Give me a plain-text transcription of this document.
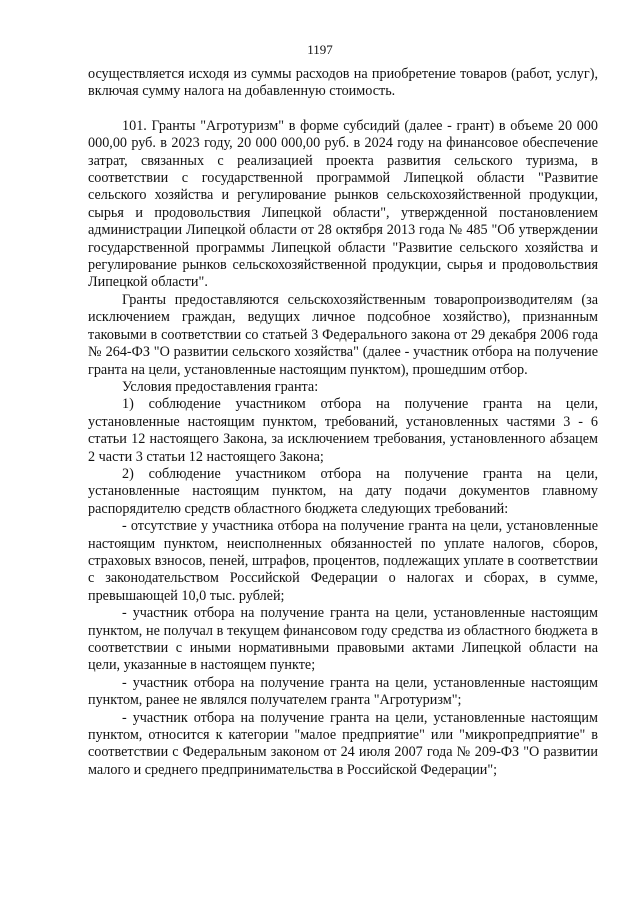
1197

осуществляется исходя из суммы расходов на приобретение товаров (работ, услуг), включая сумму налога на добавленную стоимость.

101. Гранты "Агротуризм" в форме субсидий (далее - грант) в объеме 20 000 000,00 руб. в 2023 году, 20 000 000,00 руб. в 2024 году на финансовое обеспечение затрат, связанных с реализацией проекта развития сельского туризма, в соответствии с государственной программой Липецкой области "Развитие сельского хозяйства и регулирование рынков сельскохозяйственной продукции, сырья и продовольствия Липецкой области", утвержденной постановлением администрации Липецкой области от 28 октября 2013 года № 485 "Об утверждении государственной программы Липецкой области "Развитие сельского хозяйства и регулирование рынков сельскохозяйственной продукции, сырья и продовольствия Липецкой области".

Гранты предоставляются сельскохозяйственным товаропроизводителям (за исключением граждан, ведущих личное подсобное хозяйство), признанным таковыми в соответствии со статьей 3 Федерального закона от 29 декабря 2006 года № 264-ФЗ "О развитии сельского хозяйства" (далее - участник отбора на получение гранта на цели, установленные настоящим пунктом), прошедшим отбор.

Условия предоставления гранта:

1) соблюдение участником отбора на получение гранта на цели, установленные настоящим пунктом, требований, установленных частями 3 - 6 статьи 12 настоящего Закона, за исключением требования, установленного абзацем 2 части 3 статьи 12 настоящего Закона;

2) соблюдение участником отбора на получение гранта на цели, установленные настоящим пунктом, на дату подачи документов главному распорядителю средств областного бюджета следующих требований:

- отсутствие у участника отбора на получение гранта на цели, установленные настоящим пунктом, неисполненных обязанностей по уплате налогов, сборов, страховых взносов, пеней, штрафов, процентов, подлежащих уплате в соответствии с законодательством Российской Федерации о налогах и сборах, в сумме, превышающей 10,0 тыс. рублей;

- участник отбора на получение гранта на цели, установленные настоящим пунктом, не получал в текущем финансовом году средства из областного бюджета в соответствии с иными нормативными правовыми актами Липецкой области на цели, указанные в настоящем пункте;

- участник отбора на получение гранта на цели, установленные настоящим пунктом, ранее не являлся получателем гранта "Агротуризм";

- участник отбора на получение гранта на цели, установленные настоящим пунктом, относится к категории "малое предприятие" или "микропредприятие" в соответствии с Федеральным законом от 24 июля 2007 года № 209-ФЗ "О развитии малого и среднего предпринимательства в Российской Федерации";
